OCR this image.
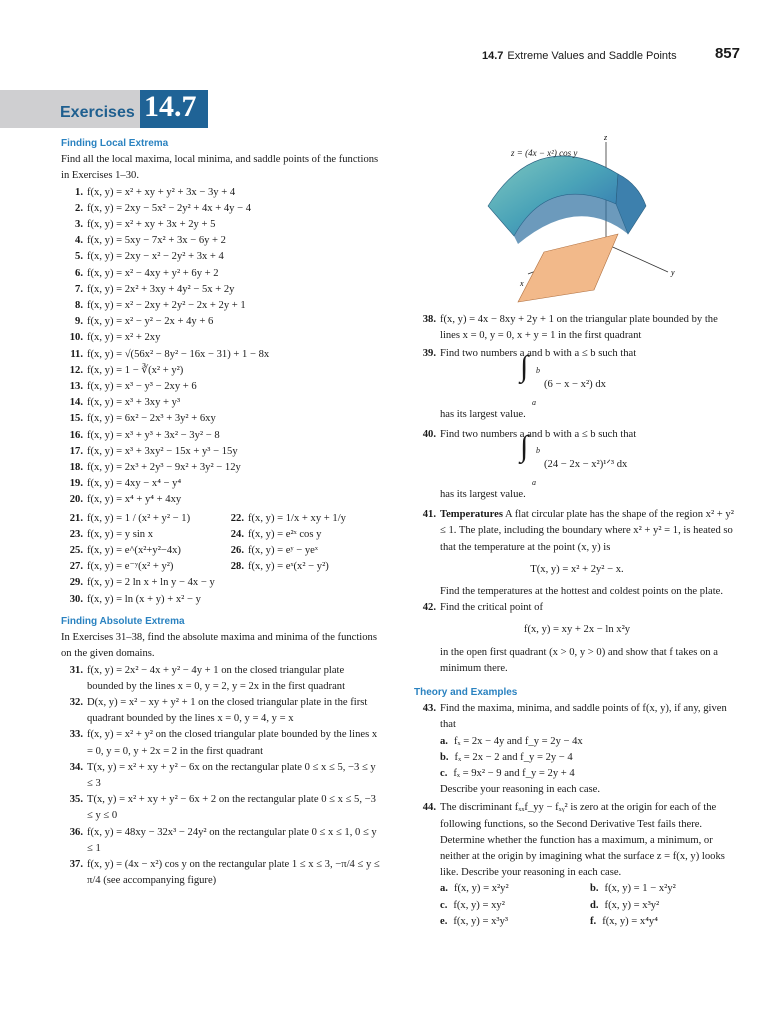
14.7 Extreme Values and Saddle Points	857
Exercises 14.7
z = (4x − x²) cos y
z
y
x

Finding Local Extrema

Find all the local maxima, local minima, and saddle points of the functions in Exercises 1–30.

1. f(x, y) = x² + xy + y² + 3x − 3y + 4

2. f(x, y) = 2xy − 5x² − 2y² + 4x + 4y − 4

3. f(x, y) = x² + xy + 3x + 2y + 5

4. f(x, y) = 5xy − 7x² + 3x − 6y + 2

5. f(x, y) = 2xy − x² − 2y² + 3x + 4

6. f(x, y) = x² − 4xy + y² + 6y + 2

7. f(x, y) = 2x² + 3xy + 4y² − 5x + 2y

8. f(x, y) = x² − 2xy + 2y² − 2x + 2y + 1

9. f(x, y) = x² − y² − 2x + 4y + 6

10. f(x, y) = x² + 2xy

11. f(x, y) = √(56x² − 8y² − 16x − 31) + 1 − 8x

12. f(x, y) = 1 − ∛(x² + y²)

13. f(x, y) = x³ − y³ − 2xy + 6

14. f(x, y) = x³ + 3xy + y³

15. f(x, y) = 6x² − 2x³ + 3y² + 6xy

16. f(x, y) = x³ + y³ + 3x² − 3y² − 8

17. f(x, y) = x³ + 3xy² − 15x + y³ − 15y

18. f(x, y) = 2x³ + 2y³ − 9x² + 3y² − 12y

19. f(x, y) = 4xy − x⁴ − y⁴

20. f(x, y) = x⁴ + y⁴ + 4xy

21. f(x, y) = 1 / (x² + y² − 1)	22. f(x, y) = 1/x + xy + 1/y
23. f(x, y) = y sin x	24. f(x, y) = e²ˣ cos y
25. f(x, y) = e^(x²+y²−4x)	26. f(x, y) = eʸ − yeˣ
27. f(x, y) = e⁻ʸ(x² + y²)	28. f(x, y) = eˣ(x² − y²)

29. f(x, y) = 2 ln x + ln y − 4x − y

30. f(x, y) = ln (x + y) + x² − y

Finding Absolute Extrema

In Exercises 31–38, find the absolute maxima and minima of the functions on the given domains.

31. f(x, y) = 2x² − 4x + y² − 4y + 1 on the closed triangular plate bounded by the lines x = 0, y = 2, y = 2x in the first quadrant

32. D(x, y) = x² − xy + y² + 1 on the closed triangular plate in the first quadrant bounded by the lines x = 0, y = 4, y = x

33. f(x, y) = x² + y² on the closed triangular plate bounded by the lines x = 0, y = 0, y + 2x = 2 in the first quadrant

34. T(x, y) = x² + xy + y² − 6x on the rectangular plate 0 ≤ x ≤ 5, −3 ≤ y ≤ 3

35. T(x, y) = x² + xy + y² − 6x + 2 on the rectangular plate 0 ≤ x ≤ 5, −3 ≤ y ≤ 0

36. f(x, y) = 48xy − 32x³ − 24y² on the rectangular plate 0 ≤ x ≤ 1, 0 ≤ y ≤ 1

37. f(x, y) = (4x − x²) cos y on the rectangular plate 1 ≤ x ≤ 3, −π/4 ≤ y ≤ π/4 (see accompanying figure)

38. f(x, y) = 4x − 8xy + 2y + 1 on the triangular plate bounded by the lines x = 0, y = 0, x + y = 1 in the first quadrant

39. Find two numbers a and b with a ≤ b such that

∫ b
a
(6 − x − x²) dx

has its largest value.

40. Find two numbers a and b with a ≤ b such that

∫ b
a
(24 − 2x − x²)¹ᐟ³ dx

has its largest value.

41. Temperatures A flat circular plate has the shape of the region x² + y² ≤ 1. The plate, including the boundary where x² + y² = 1, is heated so that the temperature at the point (x, y) is

T(x, y) = x² + 2y² − x.

Find the temperatures at the hottest and coldest points on the plate.

42. Find the critical point of

f(x, y) = xy + 2x − ln x²y

in the open first quadrant (x > 0, y > 0) and show that f takes on a minimum there.

Theory and Examples

43. Find the maxima, minima, and saddle points of f(x, y), if any, given that

a. fₓ = 2x − 4y and f_y = 2y − 4x

b. fₓ = 2x − 2 and f_y = 2y − 4

c. fₓ = 9x² − 9 and f_y = 2y + 4

Describe your reasoning in each case.

44. The discriminant fₓₓf_yy − fₓᵧ² is zero at the origin for each of the following functions, so the Second Derivative Test fails there. Determine whether the function has a maximum, a minimum, or neither at the origin by imagining what the surface z = f(x, y) looks like. Describe your reasoning in each case.

a. f(x, y) = x²y²	b. f(x, y) = 1 − x²y²
c. f(x, y) = xy²	d. f(x, y) = x³y²
e. f(x, y) = x³y³	f. f(x, y) = x⁴y⁴
